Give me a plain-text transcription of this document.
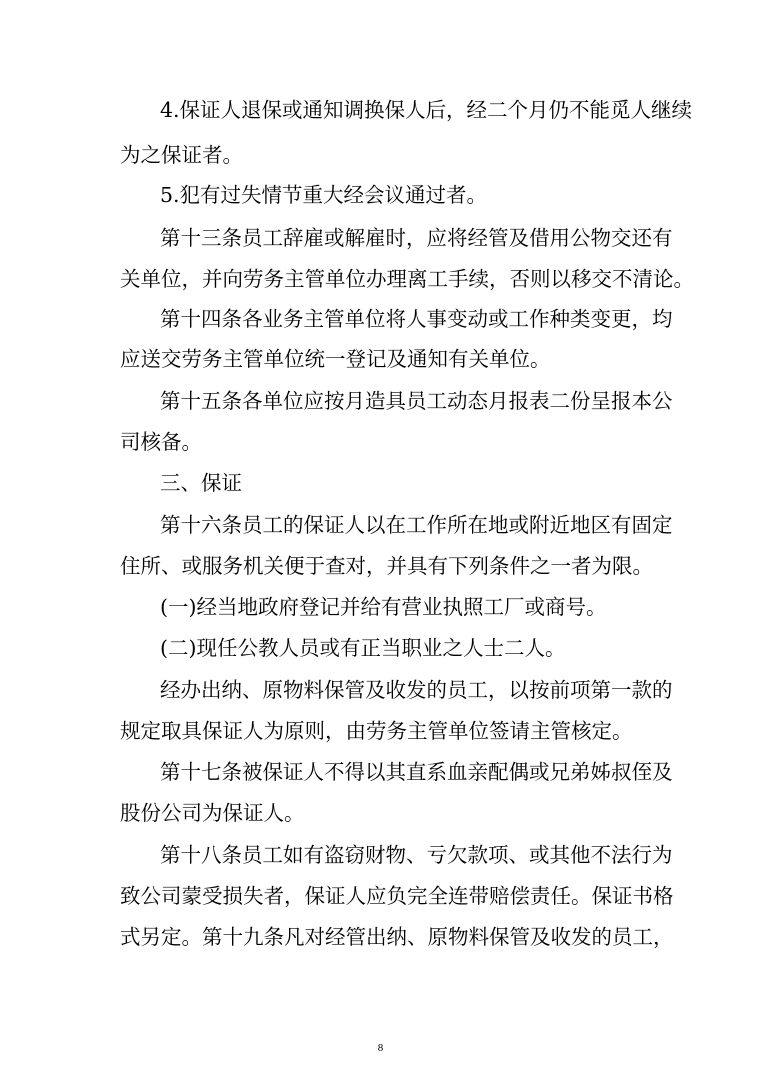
4.保证人退保或通知调换保人后，经二个月仍不能觅人继续

为之保证者。

5.犯有过失情节重大经会议通过者。

第十三条员工辞雇或解雇时，应将经管及借用公物交还有

关单位，并向劳务主管单位办理离工手续，否则以移交不清论。

第十四条各业务主管单位将人事变动或工作种类变更，均

应送交劳务主管单位统一登记及通知有关单位。

第十五条各单位应按月造具员工动态月报表二份呈报本公

司核备。

三、保证

第十六条员工的保证人以在工作所在地或附近地区有固定

住所、或服务机关便于查对，并具有下列条件之一者为限。

(一)经当地政府登记并给有营业执照工厂或商号。

(二)现任公教人员或有正当职业之人士二人。

经办出纳、原物料保管及收发的员工，以按前项第一款的

规定取具保证人为原则，由劳务主管单位签请主管核定。

第十七条被保证人不得以其直系血亲配偶或兄弟姊叔侄及

股份公司为保证人。

第十八条员工如有盗窃财物、亏欠款项、或其他不法行为

致公司蒙受损失者，保证人应负完全连带赔偿责任。保证书格

式另定。第十九条凡对经管出纳、原物料保管及收发的员工，

8
